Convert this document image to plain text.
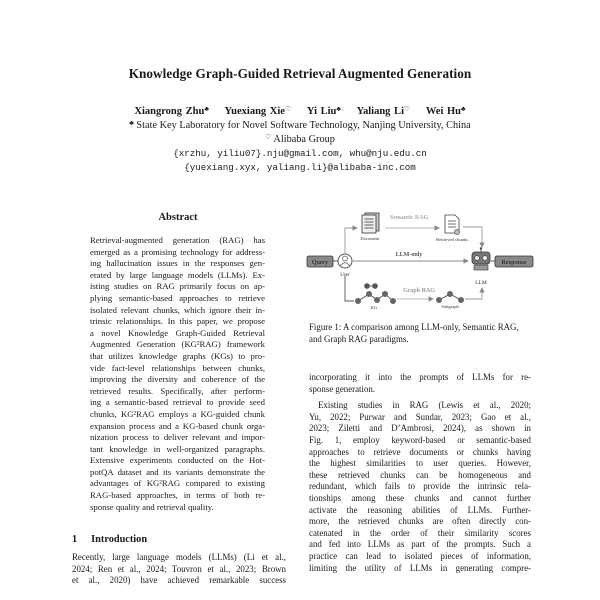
Knowledge Graph-Guided Retrieval Augmented Generation
Xiangrong Zhu♣ Yuexiang Xie♡ Yi Liu♣ Yaliang Li♡ Wei Hu♣
♣ State Key Laboratory for Novel Software Technology, Nanjing University, China
♡ Alibaba Group
{xrzhu, yiliu07}.nju@gmail.com, whu@nju.edu.cn
{yuexiang.xyx, yaliang.li}@alibaba-inc.com
Abstract

Retrieval-augmented generation (RAG) has
emerged as a promising technology for address-
ing hallucination issues in the responses gen-
erated by large language models (LLMs). Ex-
isting studies on RAG primarily focus on ap-
plying semantic-based approaches to retrieve
isolated relevant chunks, which ignore their in-
trinsic relationships. In this paper, we propose
a novel Knowledge Graph-Guided Retrieval
Augmented Generation (KG²RAG) framework
that utilizes knowledge graphs (KGs) to pro-
vide fact-level relationships between chunks,
improving the diversity and coherence of the
retrieved results. Specifically, after perform-
ing a semantic-based retrieval to provide seed
chunks, KG²RAG employs a KG-guided chunk
expansion process and a KG-based chunk orga-
nization process to deliver relevant and impor-
tant knowledge in well-organized paragraphs.
Extensive experiments conducted on the Hot-
potQA dataset and its variants demonstrate the
advantages of KG²RAG compared to existing
RAG-based approaches, in terms of both re-
sponse quality and retrieval quality.

1 Introduction
Recently, large language models (LLMs) (Li et al.,
2024; Ren et al., 2024; Touvron et al., 2023; Brown
et al., 2020) have achieved remarkable success
Query
User
Document
Semantic RAG
Retrieved chunks
LLM-only
LLM
Response
KG
Graph RAG
Subgraph
Figure 1: A comparison among LLM-only, Semantic RAG, and Graph RAG paradigms.
incorporating it into the prompts of LLMs for re-
sponse generation.
Existing studies in RAG (Lewis et al., 2020;
Yu, 2022; Purwar and Sundar, 2023; Gao et al.,
2023; Ziletti and D’Ambrosi, 2024), as shown in
Fig. 1, employ keyword-based or semantic-based
approaches to retrieve documents or chunks having
the highest similarities to user queries. However,
these retrieved chunks can be homogeneous and
redundant, which fails to provide the intrinsic rela-
tionships among these chunks and cannot further
activate the reasoning abilities of LLMs. Further-
more, the retrieved chunks are often directly con-
catenated in the order of their similarity scores
and fed into LLMs as part of the prompts. Such a
practice can lead to isolated pieces of information,
limiting the utility of LLMs in generating compre-
